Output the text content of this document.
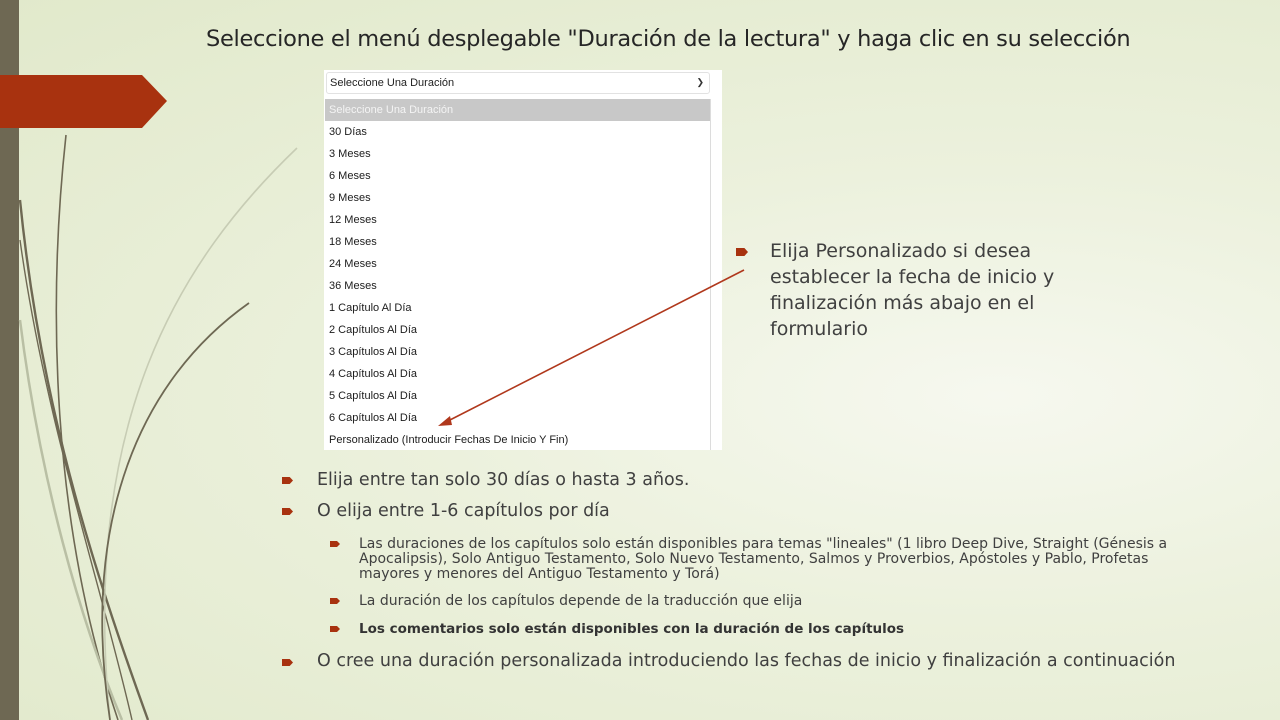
Seleccione el menú desplegable "Duración de la lectura" y haga clic en su selección
Seleccione Una Duración	❯
Seleccione Una Duración
30 Días
3 Meses
6 Meses
9 Meses
12 Meses
18 Meses
24 Meses
36 Meses
1 Capítulo Al Día
2 Capítulos Al Día
3 Capítulos Al Día
4 Capítulos Al Día
5 Capítulos Al Día
6 Capítulos Al Día
Personalizado (Introducir Fechas De Inicio Y Fin)
Elija Personalizado si desea establecer la fecha de inicio y finalización más abajo en el formulario
Elija entre tan solo 30 días o hasta 3 años.
O elija entre 1-6 capítulos por día
Las duraciones de los capítulos solo están disponibles para temas "lineales" (1 libro Deep Dive, Straight (Génesis a Apocalipsis), Solo Antiguo Testamento, Solo Nuevo Testamento, Salmos y Proverbios, Apóstoles y Pablo, Profetas mayores y menores del Antiguo Testamento y Torá)
La duración de los capítulos depende de la traducción que elija
Los comentarios solo están disponibles con la duración de los capítulos
O cree una duración personalizada introduciendo las fechas de inicio y finalización a continuación
